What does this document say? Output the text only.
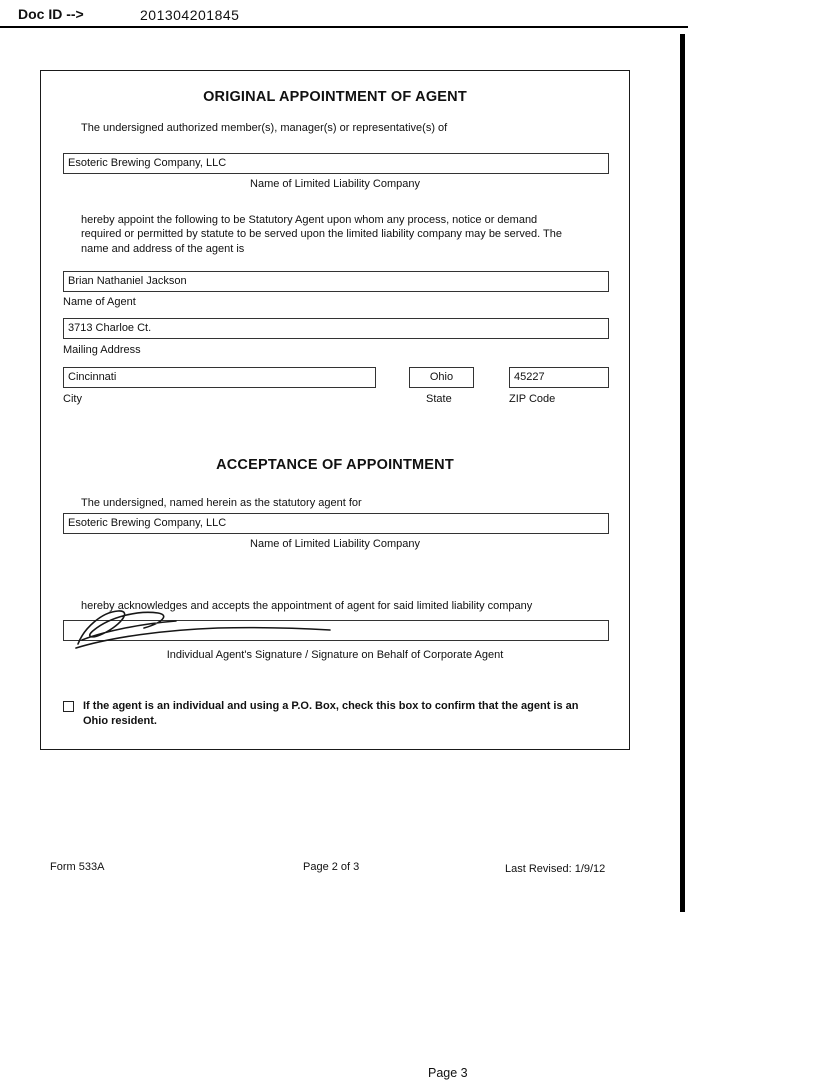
Doc ID -->	201304201845
ORIGINAL APPOINTMENT OF AGENT
The undersigned authorized member(s), manager(s) or representative(s) of
Esoteric Brewing Company, LLC
Name of Limited Liability Company
hereby appoint the following to be Statutory Agent upon whom any process, notice or demand required or permitted by statute to be served upon the limited liability company may be served. The name and address of the agent is
Brian Nathaniel Jackson
Name of Agent
3713 Charloe Ct.
Mailing Address
Cincinnati	Ohio	45227
City	State	ZIP Code
ACCEPTANCE OF APPOINTMENT
The undersigned, named herein as the statutory agent for
Esoteric Brewing Company, LLC
Name of Limited Liability Company
hereby acknowledges and accepts the appointment of agent for said limited liability company
Individual Agent's Signature / Signature on Behalf of Corporate Agent
If the agent is an individual and using a P.O. Box, check this box to confirm that the agent is an Ohio resident.
Form 533A	Page 2 of 3	Last Revised: 1/9/12
Page 3
